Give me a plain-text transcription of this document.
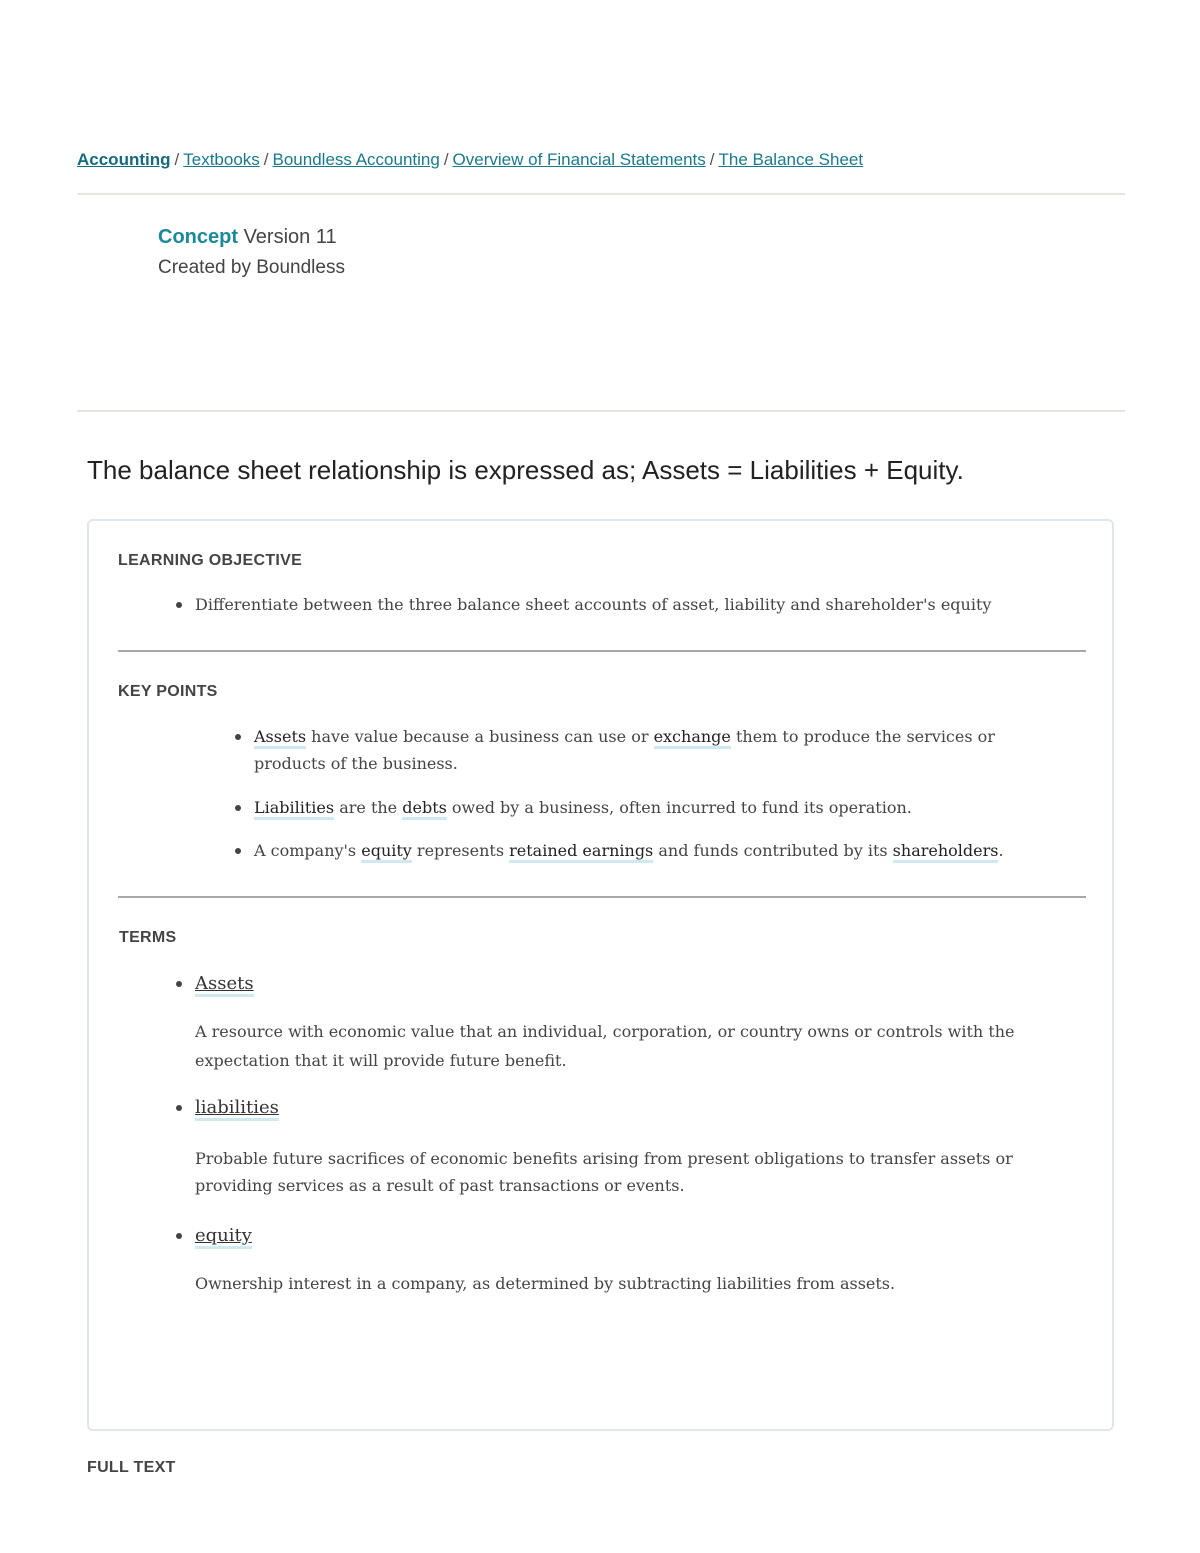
Accounting / Textbooks / Boundless Accounting / Overview of Financial Statements / The Balance Sheet
Concept Version 11
Created by Boundless
The balance sheet relationship is expressed as; Assets = Liabilities + Equity.
LEARNING OBJECTIVE
Differentiate between the three balance sheet accounts of asset, liability and shareholder's equity
KEY POINTS
Assets have value because a business can use or exchange them to produce the services or products of the business.
Liabilities are the debts owed by a business, often incurred to fund its operation.
A company's equity represents retained earnings and funds contributed by its shareholders.
TERMS
Assets
liabilities
equity
A resource with economic value that an individual, corporation, or country owns or controls with the expectation that it will provide future benefit.
Probable future sacrifices of economic benefits arising from present obligations to transfer assets or providing services as a result of past transactions or events.
Ownership interest in a company, as determined by subtracting liabilities from assets.
FULL TEXT
